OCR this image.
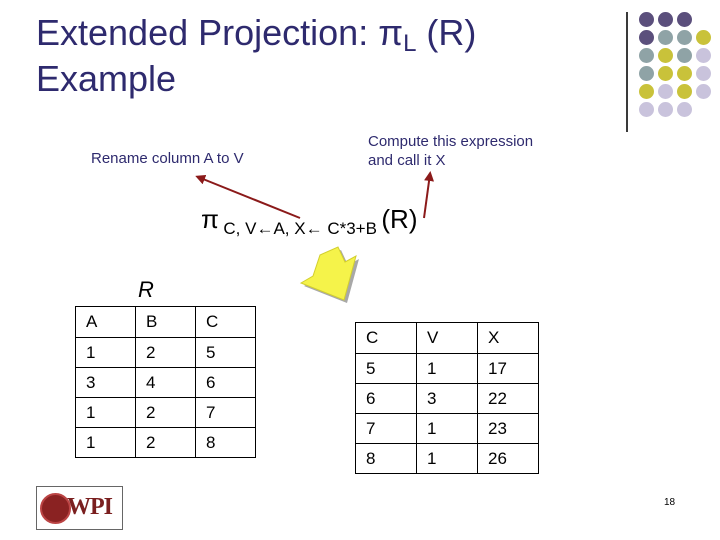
Extended Projection: πL (R)
Example
Rename column A to V
Compute this expression
and call it X
π C, V←A, X← C*3+B (R)
R
A	B	C
1	2	5
3	4	6
1	2	7
1	2	8
C	V	X
5	1	17
6	3	22
7	1	23
8	1	26
WPI	18
